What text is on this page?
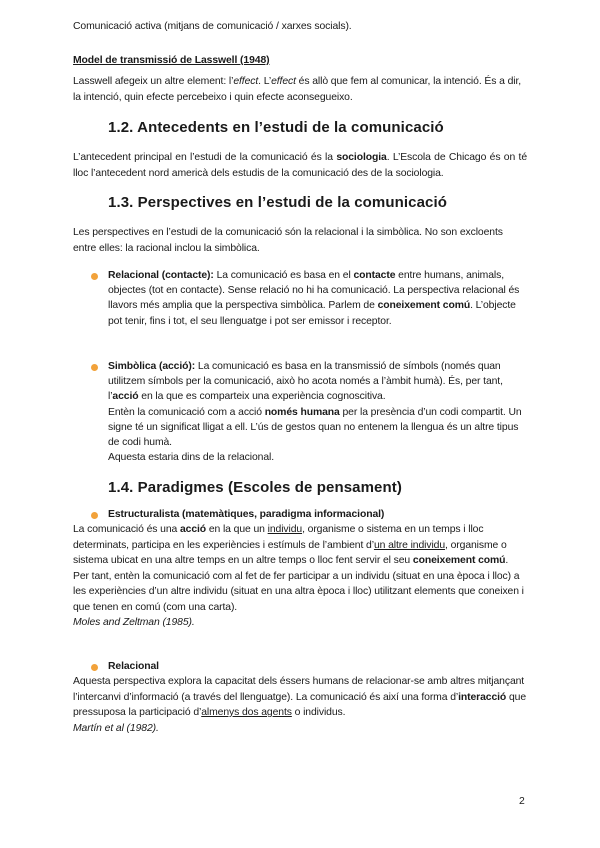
Comunicació activa (mitjans de comunicació / xarxes socials).

Model de transmissió de Lasswell (1948)

Lasswell afegeix un altre element: l’effect. L’effect és allò que fem al comunicar, la intenció. És a dir, la intenció, quin efecte percebeixo i quin efecte aconsegueixo.

1.2. Antecedents en l’estudi de la comunicació

L’antecedent principal en l’estudi de la comunicació és la sociologia. L’Escola de Chicago és on té lloc l’antecedent nord americà dels estudis de la comunicació des de la sociologia.

1.3. Perspectives en l’estudi de la comunicació

Les perspectives en l’estudi de la comunicació són la relacional i la simbòlica. No son excloents entre elles: la racional inclou la simbòlica.

Relacional (contacte): La comunicació es basa en el contacte entre humans, animals, objectes (tot en contacte). Sense relació no hi ha comunicació. La perspectiva relacional és llavors més amplia que la perspectiva simbòlica. Parlem de coneixement comú. L’objecte pot tenir, fins i tot, el seu llenguatge i pot ser emissor i receptor.

Simbòlica (acció): La comunicació es basa en la transmissió de símbols (només quan utilitzem símbols per la comunicació, això ho acota només a l’àmbit humà). És, per tant, l’acció en la que es comparteix una experiència cognoscitiva.
Entèn la comunicació com a acció només humana per la presència d’un codi compartit. Un signe té un significat lligat a ell. L’ús de gestos quan no entenem la llengua és un altre tipus de codi humà.
Aquesta estaria dins de la relacional.

1.4. Paradigmes (Escoles de pensament)

Estructuralista (matemàtiques, paradigma informacional)

La comunicació és una acció en la que un individu, organisme o sistema en un temps i lloc determinats, participa en les experiències i estímuls de l’ambient d’un altre individu, organisme o sistema ubicat en una altre temps en un altre temps o lloc fent servir el seu coneixement comú.
Per tant, entèn la comunicació com al fet de fer participar a un individu (situat en una època i lloc) a les experiències d’un altre individu (situat en una altra època i lloc) utilitzant elements que coneixen i que tenen en comú (com una carta).
Moles and Zeltman (1985).

Relacional

Aquesta perspectiva explora la capacitat dels éssers humans de relacionar-se amb altres mitjançant l’intercanvi d’informació (a través del llenguatge). La comunicació és així una forma d’interacció que pressuposa la participació d’almenys dos agents o individus.
Martín et al (1982).

2
